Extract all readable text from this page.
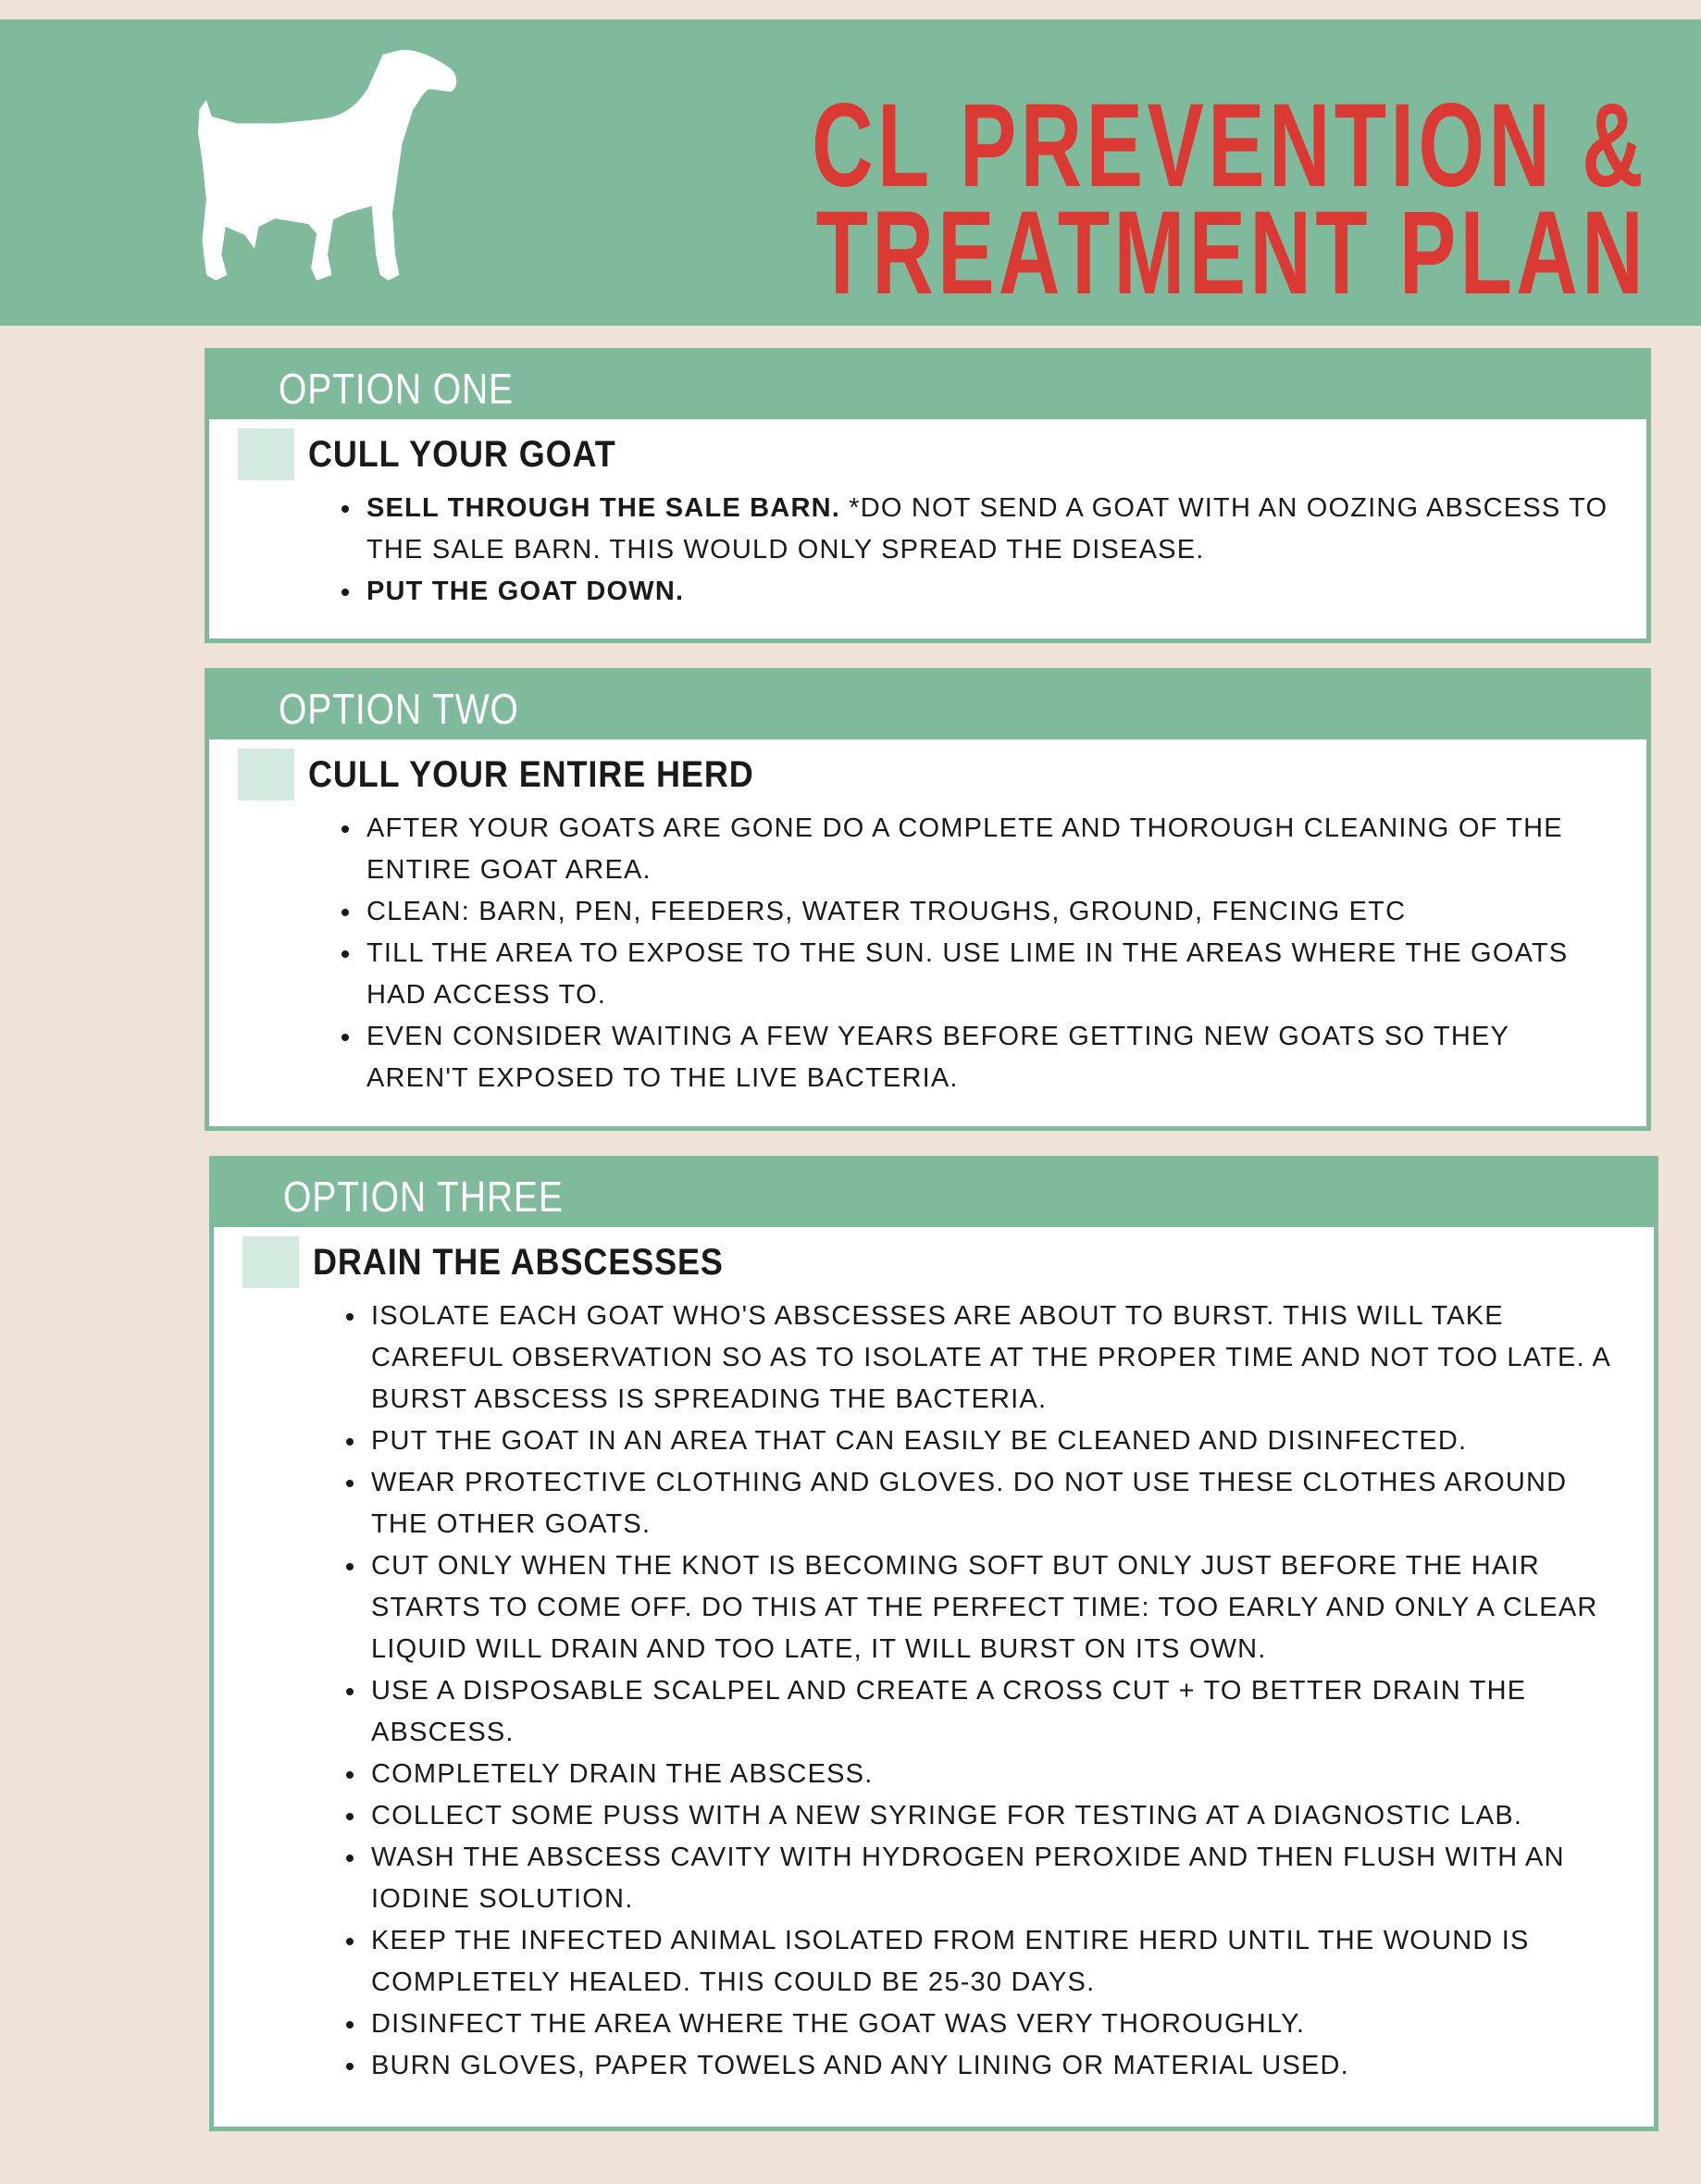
CL PREVENTION &
TREATMENT PLAN
OPTION ONE
CULL YOUR GOAT
SELL THROUGH THE SALE BARN. *DO NOT SEND A GOAT WITH AN OOZING ABSCESS TO THE SALE BARN. THIS WOULD ONLY SPREAD THE DISEASE.
PUT THE GOAT DOWN.
OPTION TWO
CULL YOUR ENTIRE HERD
AFTER YOUR GOATS ARE GONE DO A COMPLETE AND THOROUGH CLEANING OF THE ENTIRE GOAT AREA.
CLEAN: BARN, PEN, FEEDERS, WATER TROUGHS, GROUND, FENCING ETC
TILL THE AREA TO EXPOSE TO THE SUN. USE LIME IN THE AREAS WHERE THE GOATS HAD ACCESS TO.
EVEN CONSIDER WAITING A FEW YEARS BEFORE GETTING NEW GOATS SO THEY AREN'T EXPOSED TO THE LIVE BACTERIA.
OPTION THREE
DRAIN THE ABSCESSES
ISOLATE EACH GOAT WHO'S ABSCESSES ARE ABOUT TO BURST. THIS WILL TAKE CAREFUL OBSERVATION SO AS TO ISOLATE AT THE PROPER TIME AND NOT TOO LATE. A BURST ABSCESS IS SPREADING THE BACTERIA.
PUT THE GOAT IN AN AREA THAT CAN EASILY BE CLEANED AND DISINFECTED.
WEAR PROTECTIVE CLOTHING AND GLOVES. DO NOT USE THESE CLOTHES AROUND THE OTHER GOATS.
CUT ONLY WHEN THE KNOT IS BECOMING SOFT BUT ONLY JUST BEFORE THE HAIR STARTS TO COME OFF. DO THIS AT THE PERFECT TIME: TOO EARLY AND ONLY A CLEAR LIQUID WILL DRAIN AND TOO LATE, IT WILL BURST ON ITS OWN.
USE A DISPOSABLE SCALPEL AND CREATE A CROSS CUT + TO BETTER DRAIN THE ABSCESS.
COMPLETELY DRAIN THE ABSCESS.
COLLECT SOME PUSS WITH A NEW SYRINGE FOR TESTING AT A DIAGNOSTIC LAB.
WASH THE ABSCESS CAVITY WITH HYDROGEN PEROXIDE AND THEN FLUSH WITH AN IODINE SOLUTION.
KEEP THE INFECTED ANIMAL ISOLATED FROM ENTIRE HERD UNTIL THE WOUND IS COMPLETELY HEALED. THIS COULD BE 25-30 DAYS.
DISINFECT THE AREA WHERE THE GOAT WAS VERY THOROUGHLY.
BURN GLOVES, PAPER TOWELS AND ANY LINING OR MATERIAL USED.
